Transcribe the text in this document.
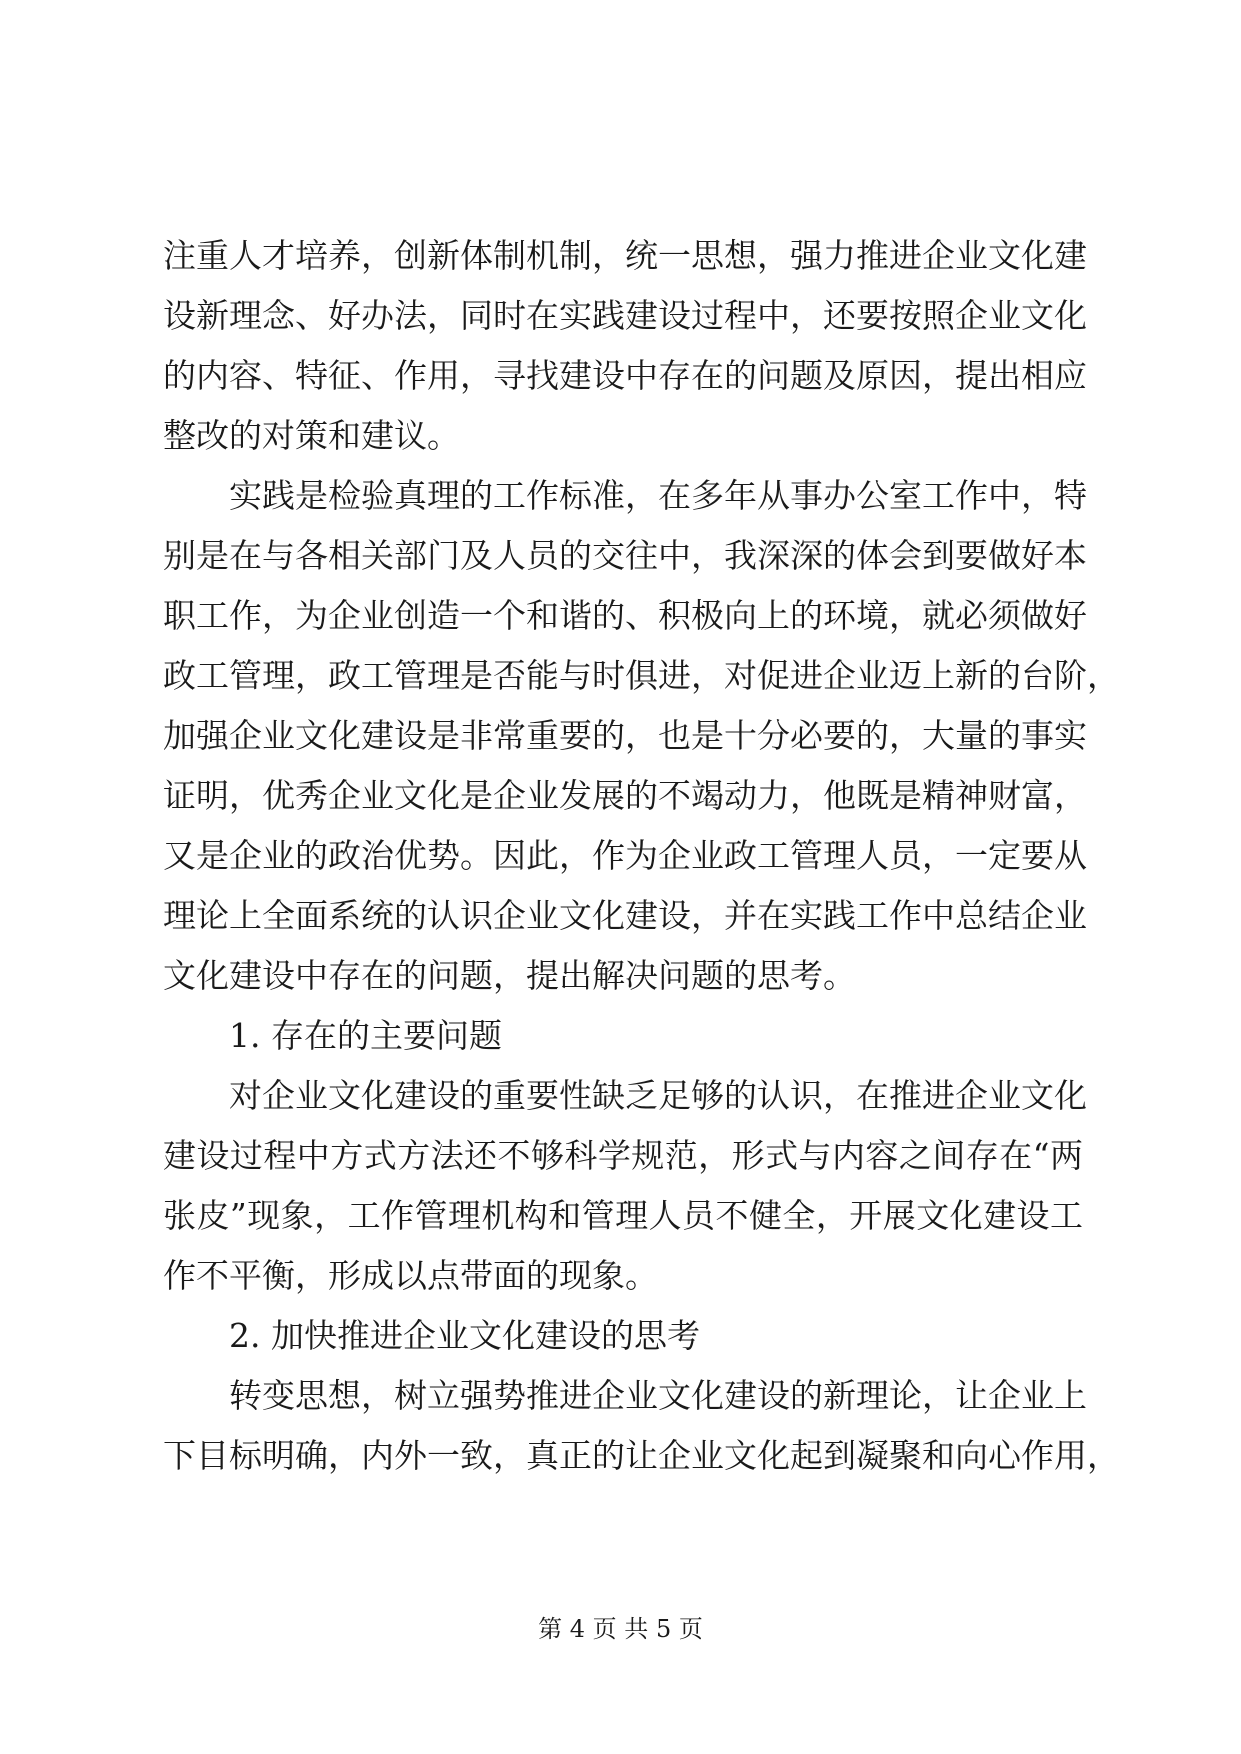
注重人才培养，创新体制机制，统一思想，强力推进企业文化建
设新理念、好办法，同时在实践建设过程中，还要按照企业文化
的内容、特征、作用，寻找建设中存在的问题及原因，提出相应
整改的对策和建议。
实践是检验真理的工作标准，在多年从事办公室工作中，特
别是在与各相关部门及人员的交往中，我深深的体会到要做好本
职工作，为企业创造一个和谐的、积极向上的环境，就必须做好
政工管理，政工管理是否能与时俱进，对促进企业迈上新的台阶，
加强企业文化建设是非常重要的，也是十分必要的，大量的事实
证明，优秀企业文化是企业发展的不竭动力，他既是精神财富，
又是企业的政治优势。因此，作为企业政工管理人员，一定要从
理论上全面系统的认识企业文化建设，并在实践工作中总结企业
文化建设中存在的问题，提出解决问题的思考。
1. 存在的主要问题
对企业文化建设的重要性缺乏足够的认识，在推进企业文化
建设过程中方式方法还不够科学规范，形式与内容之间存在“两
张皮”现象，工作管理机构和管理人员不健全，开展文化建设工
作不平衡，形成以点带面的现象。
2. 加快推进企业文化建设的思考
转变思想，树立强势推进企业文化建设的新理论，让企业上
下目标明确，内外一致，真正的让企业文化起到凝聚和向心作用，
第 4 页 共 5 页
